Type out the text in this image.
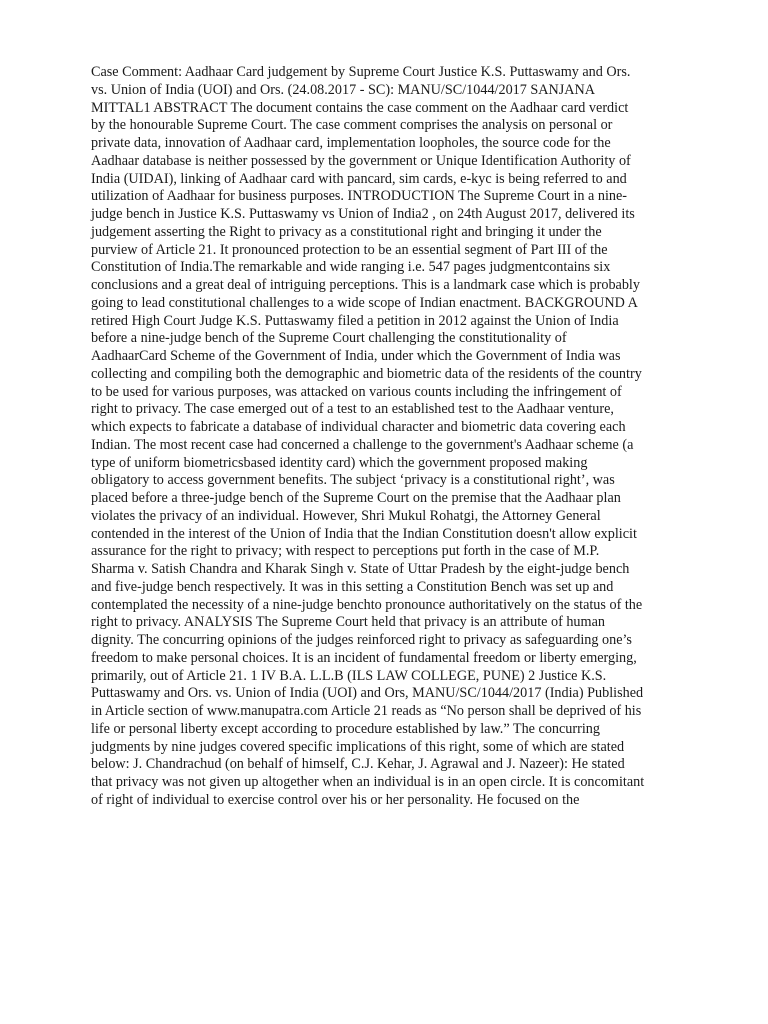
Case Comment: Aadhaar Card judgement by Supreme Court Justice K.S. Puttaswamy and Ors.
vs. Union of India (UOI) and Ors. (24.08.2017 - SC): MANU/SC/1044/2017 SANJANA
MITTAL1 ABSTRACT The document contains the case comment on the Aadhaar card verdict
by the honourable Supreme Court. The case comment comprises the analysis on personal or
private data, innovation of Aadhaar card, implementation loopholes, the source code for the
Aadhaar database is neither possessed by the government or Unique Identification Authority of
India (UIDAI), linking of Aadhaar card with pancard, sim cards, e-kyc is being referred to and
utilization of Aadhaar for business purposes. INTRODUCTION The Supreme Court in a nine-
judge bench in Justice K.S. Puttaswamy vs Union of India2 , on 24th August 2017, delivered its
judgement asserting the Right to privacy as a constitutional right and bringing it under the
purview of Article 21. It pronounced protection to be an essential segment of Part III of the
Constitution of India.The remarkable and wide ranging i.e. 547 pages judgmentcontains six
conclusions and a great deal of intriguing perceptions. This is a landmark case which is probably
going to lead constitutional challenges to a wide scope of Indian enactment. BACKGROUND A
retired High Court Judge K.S. Puttaswamy filed a petition in 2012 against the Union of India
before a nine-judge bench of the Supreme Court challenging the constitutionality of
AadhaarCard Scheme of the Government of India, under which the Government of India was
collecting and compiling both the demographic and biometric data of the residents of the country
to be used for various purposes, was attacked on various counts including the infringement of
right to privacy. The case emerged out of a test to an established test to the Aadhaar venture,
which expects to fabricate a database of individual character and biometric data covering each
Indian. The most recent case had concerned a challenge to the government's Aadhaar scheme (a
type of uniform biometricsbased identity card) which the government proposed making
obligatory to access government benefits. The subject ‘privacy is a constitutional right’, was
placed before a three-judge bench of the Supreme Court on the premise that the Aadhaar plan
violates the privacy of an individual. However, Shri Mukul Rohatgi, the Attorney General
contended in the interest of the Union of India that the Indian Constitution doesn't allow explicit
assurance for the right to privacy; with respect to perceptions put forth in the case of M.P.
Sharma v. Satish Chandra and Kharak Singh v. State of Uttar Pradesh by the eight-judge bench
and five-judge bench respectively. It was in this setting a Constitution Bench was set up and
contemplated the necessity of a nine-judge benchto pronounce authoritatively on the status of the
right to privacy. ANALYSIS The Supreme Court held that privacy is an attribute of human
dignity. The concurring opinions of the judges reinforced right to privacy as safeguarding one’s
freedom to make personal choices. It is an incident of fundamental freedom or liberty emerging,
primarily, out of Article 21. 1 IV B.A. L.L.B (ILS LAW COLLEGE, PUNE) 2 Justice K.S.
Puttaswamy and Ors. vs. Union of India (UOI) and Ors, MANU/SC/1044/2017 (India) Published
in Article section of www.manupatra.com Article 21 reads as “No person shall be deprived of his
life or personal liberty except according to procedure established by law.” The concurring
judgments by nine judges covered specific implications of this right, some of which are stated
below: J. Chandrachud (on behalf of himself, C.J. Kehar, J. Agrawal and J. Nazeer): He stated
that privacy was not given up altogether when an individual is in an open circle. It is concomitant
of right of individual to exercise control over his or her personality. He focused on the
